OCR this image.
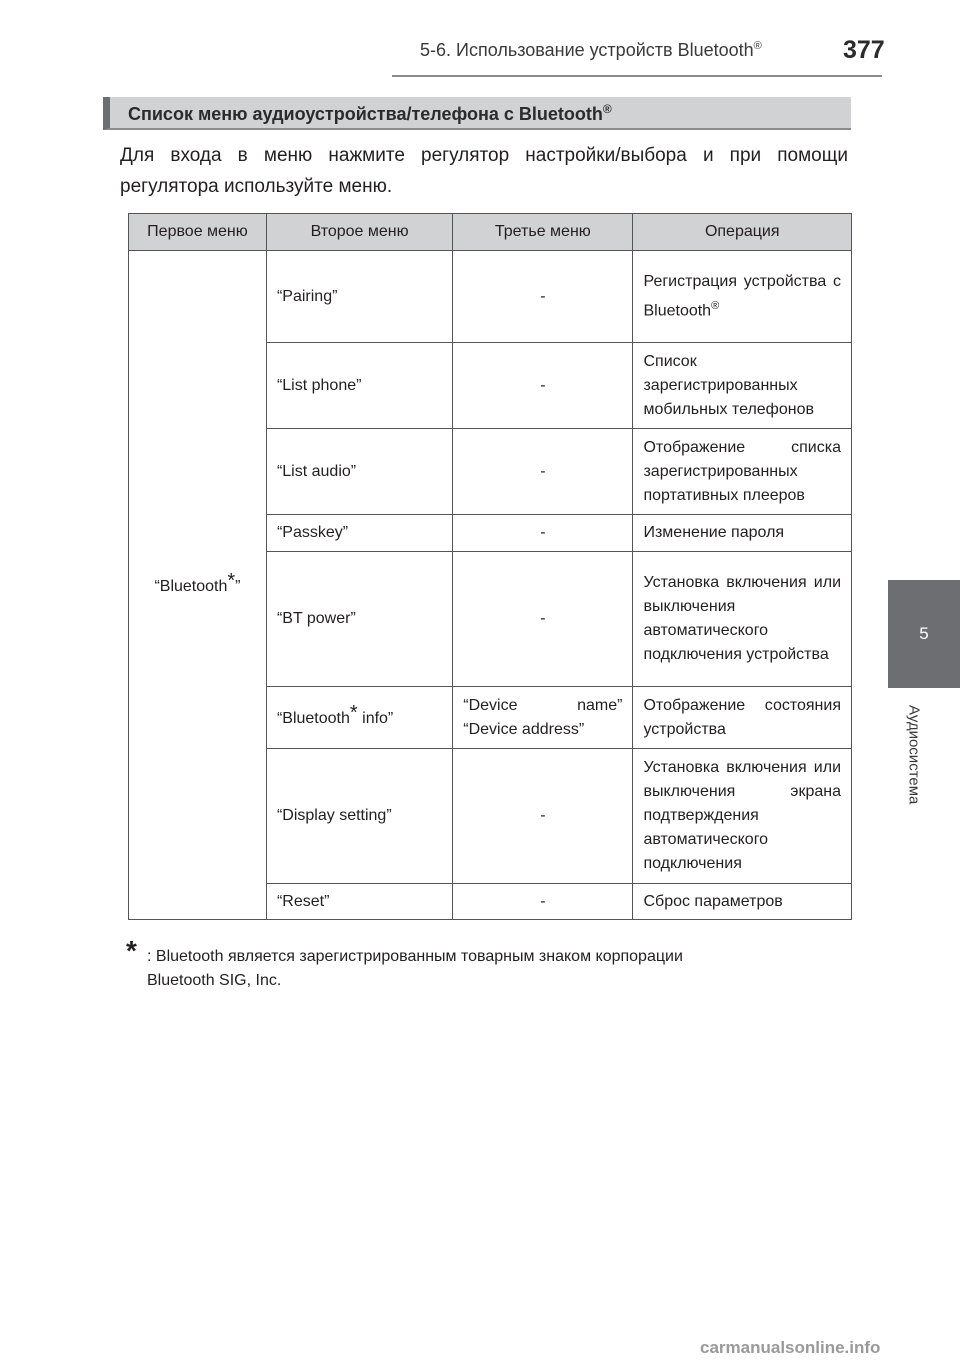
5-6. Использование устройств Bluetooth®	377
5
Аудиосистема
Список меню аудиоустройства/телефона с Bluetooth®
Для входа в меню нажмите регулятор настройки/выбора и при помощи регулятора используйте меню.
Первое меню	Второе меню	Третье меню	Операция
“Bluetooth*”	“Pairing”	-	Регистрация устройства с Bluetooth®
	“List phone”	-	Список зарегистрированных мобильных телефонов
	“List audio”	-	Отображение списка зарегистрированных портативных плееров
	“Passkey”	-	Изменение пароля
	“BT power”	-	Установка включения или выключения автоматического подключения устройства
	“Bluetooth* info”	“Device name” “Device address”	Отображение состояния устройства
	“Display setting”	-	Установка включения или выключения экрана подтверждения автоматического подключения
	“Reset”	-	Сброс параметров
* : Bluetooth является зарегистрированным товарным знаком корпорации
Bluetooth SIG, Inc.
carmanualsonline.info
